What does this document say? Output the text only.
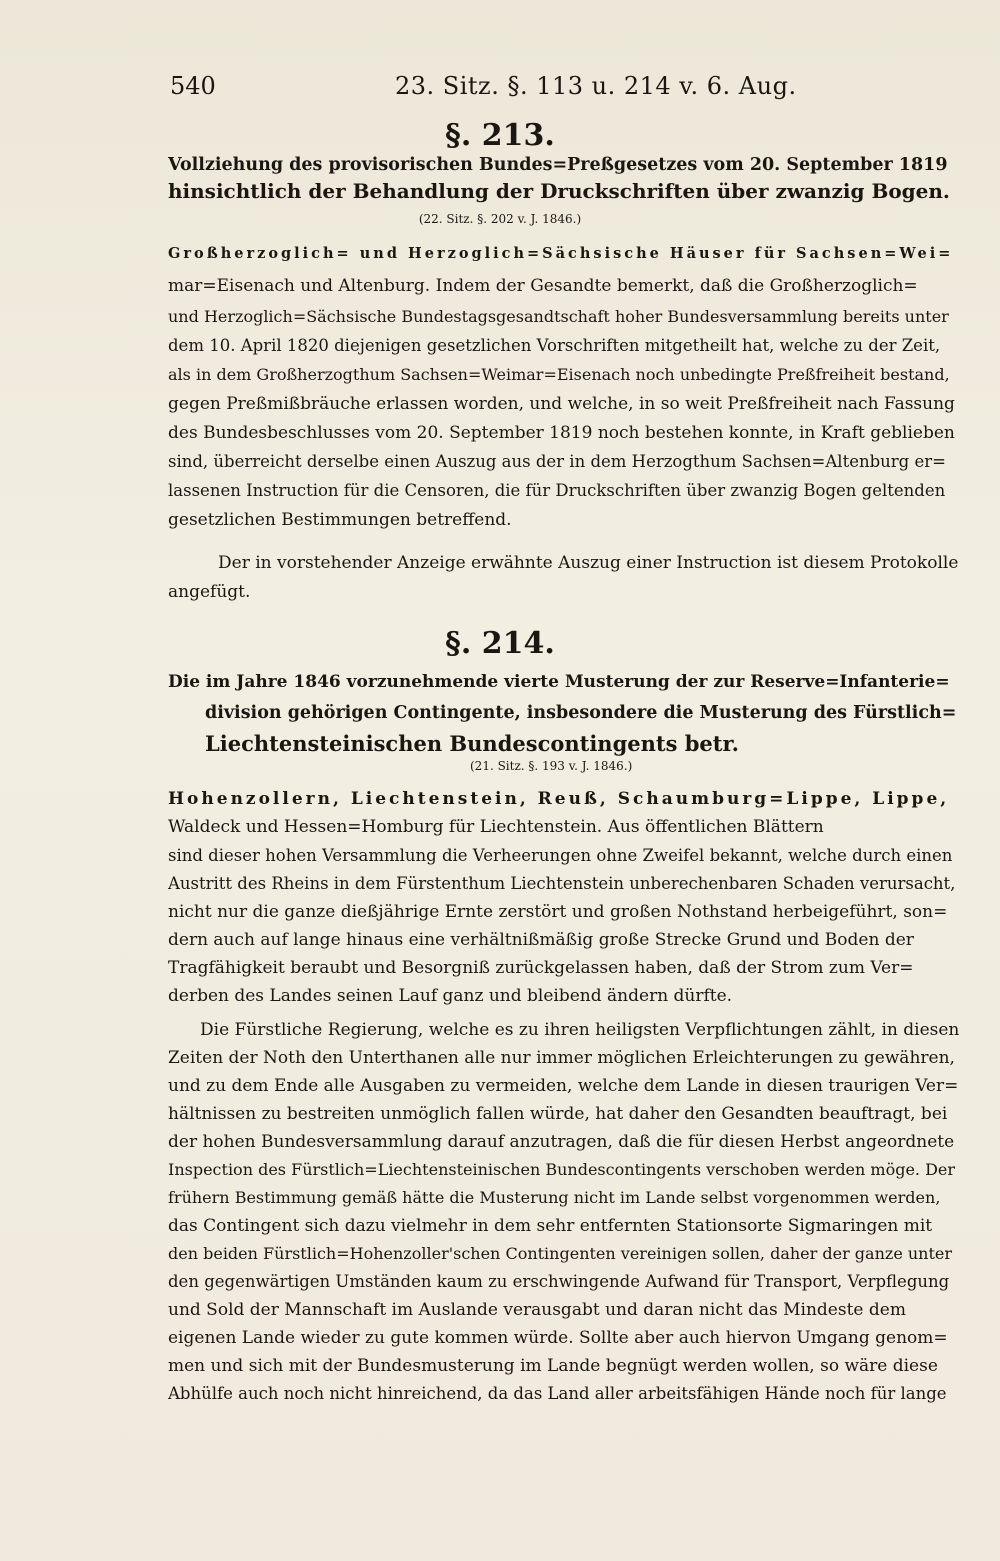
540	23. Sitz. §. 113 u. 214 v. 6. Aug.
§. 213.
Vollziehung des provisorischen Bundes=Preßgesetzes vom 20. September 1819
hinsichtlich der Behandlung der Druckschriften über zwanzig Bogen.
(22. Sitz. §. 202 v. J. 1846.)
Großherzoglich= und Herzoglich=Sächsische Häuser für Sachsen=Wei=
mar=Eisenach und Altenburg. Indem der Gesandte bemerkt, daß die Großherzoglich=
und Herzoglich=Sächsische Bundestagsgesandtschaft hoher Bundesversammlung bereits unter
dem 10. April 1820 diejenigen gesetzlichen Vorschriften mitgetheilt hat, welche zu der Zeit,
als in dem Großherzogthum Sachsen=Weimar=Eisenach noch unbedingte Preßfreiheit bestand,
gegen Preßmißbräuche erlassen worden, und welche, in so weit Preßfreiheit nach Fassung
des Bundesbeschlusses vom 20. September 1819 noch bestehen konnte, in Kraft geblieben
sind, überreicht derselbe einen Auszug aus der in dem Herzogthum Sachsen=Altenburg er=
lassenen Instruction für die Censoren, die für Druckschriften über zwanzig Bogen geltenden
gesetzlichen Bestimmungen betreffend.
Der in vorstehender Anzeige erwähnte Auszug einer Instruction ist diesem Protokolle
angefügt.
§. 214.
Die im Jahre 1846 vorzunehmende vierte Musterung der zur Reserve=Infanterie=
division gehörigen Contingente, insbesondere die Musterung des Fürstlich=
Liechtensteinischen Bundescontingents betr.
(21. Sitz. §. 193 v. J. 1846.)
Hohenzollern, Liechtenstein, Reuß, Schaumburg=Lippe, Lippe,
Waldeck und Hessen=Homburg für Liechtenstein. Aus öffentlichen Blättern
sind dieser hohen Versammlung die Verheerungen ohne Zweifel bekannt, welche durch einen
Austritt des Rheins in dem Fürstenthum Liechtenstein unberechenbaren Schaden verursacht,
nicht nur die ganze dießjährige Ernte zerstört und großen Nothstand herbeigeführt, son=
dern auch auf lange hinaus eine verhältnißmäßig große Strecke Grund und Boden der
Tragfähigkeit beraubt und Besorgniß zurückgelassen haben, daß der Strom zum Ver=
derben des Landes seinen Lauf ganz und bleibend ändern dürfte.
Die Fürstliche Regierung, welche es zu ihren heiligsten Verpflichtungen zählt, in diesen
Zeiten der Noth den Unterthanen alle nur immer möglichen Erleichterungen zu gewähren,
und zu dem Ende alle Ausgaben zu vermeiden, welche dem Lande in diesen traurigen Ver=
hältnissen zu bestreiten unmöglich fallen würde, hat daher den Gesandten beauftragt, bei
der hohen Bundesversammlung darauf anzutragen, daß die für diesen Herbst angeordnete
Inspection des Fürstlich=Liechtensteinischen Bundescontingents verschoben werden möge. Der
frühern Bestimmung gemäß hätte die Musterung nicht im Lande selbst vorgenommen werden,
das Contingent sich dazu vielmehr in dem sehr entfernten Stationsorte Sigmaringen mit
den beiden Fürstlich=Hohenzoller'schen Contingenten vereinigen sollen, daher der ganze unter
den gegenwärtigen Umständen kaum zu erschwingende Aufwand für Transport, Verpflegung
und Sold der Mannschaft im Auslande verausgabt und daran nicht das Mindeste dem
eigenen Lande wieder zu gute kommen würde. Sollte aber auch hiervon Umgang genom=
men und sich mit der Bundesmusterung im Lande begnügt werden wollen, so wäre diese
Abhülfe auch noch nicht hinreichend, da das Land aller arbeitsfähigen Hände noch für lange
